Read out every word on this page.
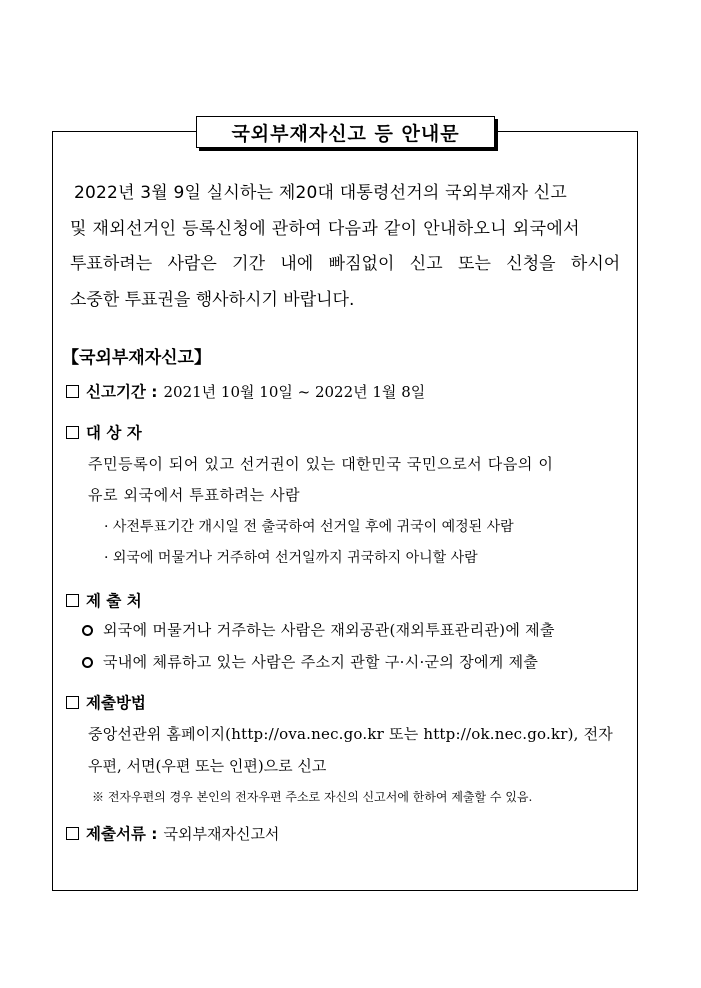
국외부재자신고 등 안내문
2022년 3월 9일 실시하는 제20대 대통령선거의 국외부재자 신고
및 재외선거인 등록신청에 관하여 다음과 같이 안내하오니 외국에서
투표하려는 사람은 기간 내에 빠짐없이 신고 또는 신청을 하시어
소중한 투표권을 행사하시기 바랍니다.
【국외부재자신고】
신고기간 : 2021년 10월 10일 ~ 2022년 1월 8일
대 상 자
주민등록이 되어 있고 선거권이 있는 대한민국 국민으로서 다음의 이
유로 외국에서 투표하려는 사람
· 사전투표기간 개시일 전 출국하여 선거일 후에 귀국이 예정된 사람
· 외국에 머물거나 거주하여 선거일까지 귀국하지 아니할 사람
제 출 처
외국에 머물거나 거주하는 사람은 재외공관(재외투표관리관)에 제출
국내에 체류하고 있는 사람은 주소지 관할 구·시·군의 장에게 제출
제출방법
중앙선관위 홈페이지(http://ova.nec.go.kr 또는 http://ok.nec.go.kr), 전자
우편, 서면(우편 또는 인편)으로 신고
※ 전자우편의 경우 본인의 전자우편 주소로 자신의 신고서에 한하여 제출할 수 있음.
제출서류 : 국외부재자신고서
